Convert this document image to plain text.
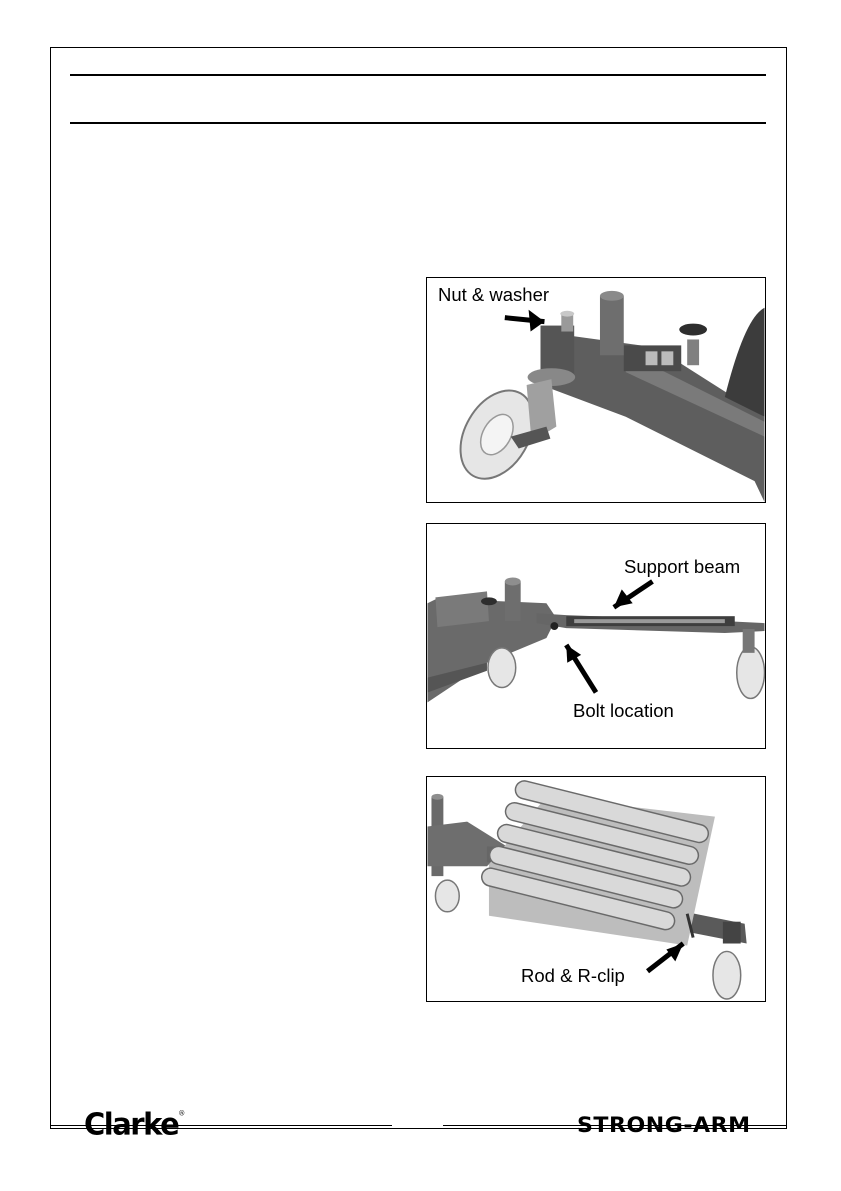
Nut & washer
Support beam
Bolt location
Rod & R-clip
Clarke®	STRONG-ARM
